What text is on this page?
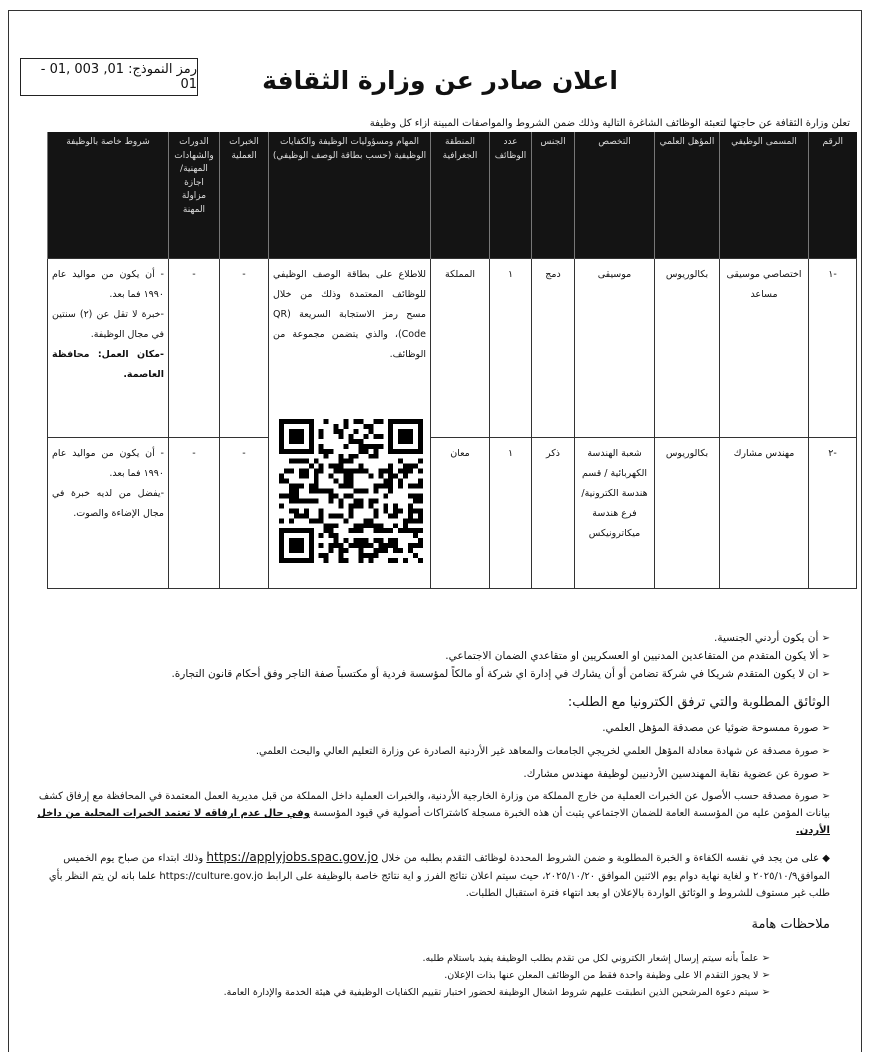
رمز النموذج: 01, 003 ,01 - 01	اعلان صادر عن وزارة الثقافة
تعلن وزارة الثقافة عن حاجتها لتعبئة الوظائف الشاغرة التالية وذلك ضمن الشروط والمواصفات المبينة ازاء كل وظيفة
الرقم	المسمى الوظيفي	المؤهل العلمي	التخصص	الجنس	عدد الوظائف	المنطقة الجغرافية	المهام ومسؤوليات الوظيفة والكفايات الوظيفية (حسب بطاقة الوصف الوظيفي)	الخبرات العملية	الدورات والشهادات المهنية/ اجازة مزاولة المهنة	شروط خاصة بالوظيفة
-١	اختصاصي موسيقى مساعد	بكالوريوس	موسيقى	دمج	١	المملكة	للاطلاع على بطاقة الوصف الوظيفي للوظائف المعتمدة وذلك من خلال مسح رمز الاستجابة السريعة (QR Code)، والذي يتضمن مجموعة من الوظائف.	-	-	- أن يكون من مواليد عام ١٩٩٠ فما بعد.
-خبرة لا تقل عن (٢) سنتين في مجال الوظيفة.
-مكان العمل: محافظة العاصمة.

-٢	مهندس مشارك	بكالوريوس	شعبة الهندسة الكهربائية / قسم هندسة الكترونية/ فرع هندسة ميكاترونيكس	ذكر	١	معان		-	-	- أن يكون من مواليد عام ١٩٩٠ فما بعد.
-يفضل من لديه خبرة في مجال الإضاءة والصوت.
➢ أن يكون أردني الجنسية.
➢ ألا يكون المتقدم من المتقاعدين المدنيين او العسكريين او متقاعدي الضمان الاجتماعي.
➢ ان لا يكون المتقدم شريكا في شركة تضامن أو أن يشارك في إدارة اي شركة أو مالكاً لمؤسسة فردية أو مكتسباً صفة التاجر وفق أحكام قانون التجارة.
الوثائق المطلوبة والتي ترفق الكترونيا مع الطلب:
➢ صورة ممسوحة ضوئيا عن مصدقة المؤهل العلمي.
➢ صورة مصدقة عن شهادة معادلة المؤهل العلمي لخريجي الجامعات والمعاهد غير الأردنية الصادرة عن وزارة التعليم العالي والبحث العلمي.
➢ صورة عن عضوية نقابة المهندسين الأردنيين لوظيفة مهندس مشارك.
➢ صورة مصدقة حسب الأصول عن الخبرات العملية من خارج المملكة من وزارة الخارجية الأردنية، والخبرات العملية داخل المملكة من قبل مديرية العمل المعتمدة في المحافظة مع إرفاق كشف بيانات المؤمن عليه من المؤسسة العامة للضمان الاجتماعي يثبت أن هذه الخبرة مسجلة كاشتراكات أصولية في قيود المؤسسة وفي حال عدم ارفاقه لا تعتمد الخبرات المحلية من داخل الأردن.
◆ على من يجد في نفسه الكفاءة و الخبرة المطلوبة و ضمن الشروط المحددة لوظائف التقدم بطلبه من خلال https://applyjobs.spac.gov.jo وذلك ابتداء من صباح يوم الخميس الموافق٢٠٢٥/١٠/٩ و لغاية نهاية دوام يوم الاثنين الموافق ٢٠٢٥/١٠/٢٠، حيث سيتم اعلان نتائج الفرز و اية نتائج خاصة بالوظيفة على الرابط https://culture.gov.jo علما بانه لن يتم النظر بأي طلب غير مستوف للشروط و الوثائق الواردة بالإعلان او بعد انتهاء فترة استقبال الطلبات.
ملاحظات هامة
➢ علماً بأنه سيتم إرسال إشعار الكتروني لكل من تقدم بطلب الوظيفة يفيد باستلام طلبه.
➢ لا يجوز التقدم الا على وظيفة واحدة فقط من الوظائف المعلن عنها بذات الإعلان.
➢ سيتم دعوة المرشحين الذين انطبقت عليهم شروط اشغال الوظيفة لحضور اختبار تقييم الكفايات الوظيفية في هيئة الخدمة والإدارة العامة.
